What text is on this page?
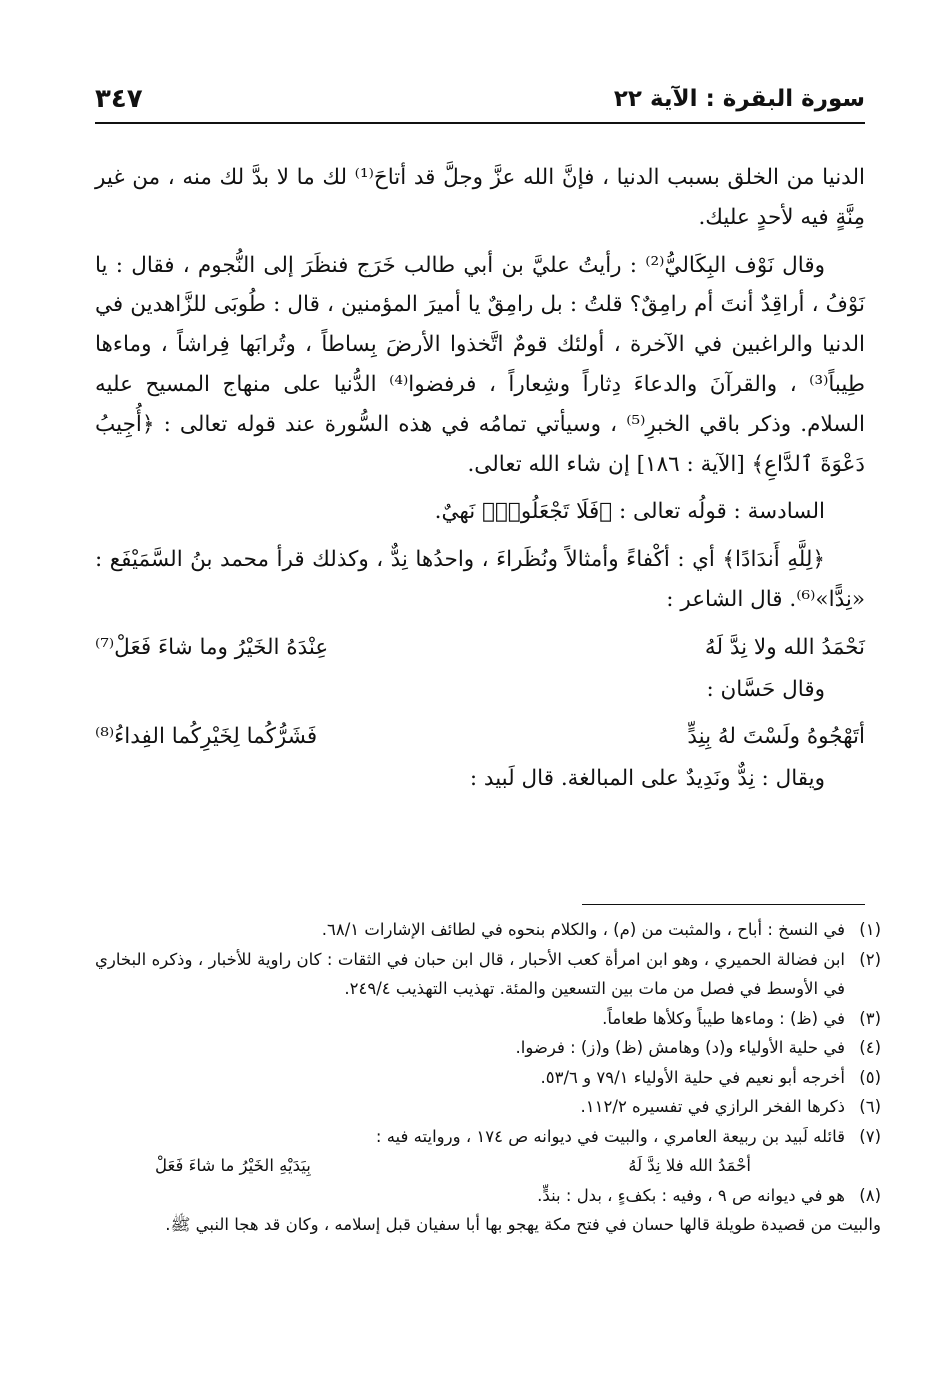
سورة البقرة : الآية ٢٢
٣٤٧

الدنيا من الخلق بسبب الدنيا ، فإنَّ الله عزَّ وجلَّ قد أتاحَ⁽¹⁾ لك ما لا بدَّ لك منه ، من غير مِنَّةٍ فيه لأحدٍ عليك.

وقال نَوْف البِكَاليُّ⁽²⁾ : رأيتُ عليَّ بن أبي طالب خَرَج فنظَرَ إلى النُّجوم ، فقال : يا نَوْفُ ، أراقِدٌ أنتَ أم رامِقٌ؟ قلتُ : بل رامِقٌ يا أميرَ المؤمنين ، قال : طُوبَى للزَّاهدين في الدنيا والراغبين في الآخرة ، أولئك قومٌ اتَّخذوا الأرضَ بِساطاً ، وتُرابَها فِراشاً ، وماءها طِيباً⁽³⁾ ، والقرآنَ والدعاءَ دِثاراً وشِعاراً ، فرفضوا⁽⁴⁾ الدُّنيا على منهاج المسيح عليه السلام. وذكر باقي الخبرِ⁽⁵⁾ ، وسيأتي تمامُه في هذه السُّورة عند قوله تعالى : ﴿أُجِيبُ دَعْوَةَ ٱلدَّاعِ﴾ [الآية : ١٨٦] إن شاء الله تعالى.

السادسة : قولُه تعالى : ﴿فَلَا تَجْعَلُوا۟﴾ نَهيٌ.

﴿لِلَّهِ أَندَادًا﴾ أي : أكْفاءً وأمثالاً ونُظَراءَ ، واحدُها نِدٌّ ، وكذلك قرأ محمد بنُ السَّمَيْفَع : «نِدًّا»⁽⁶⁾. قال الشاعر :

نَحْمَدُ الله ولا نِدَّ لَهُ
عِنْدَهُ الخَيْرُ وما شاءَ فَعَلْ⁽⁷⁾

وقال حَسَّان :

أتَهْجُوهُ ولَسْتَ لهُ بِنِدٍّ
فَشَرُّكُما لِخَيْرِكُما الفِداءُ⁽⁸⁾

ويقال : نِدٌّ ونَدِيدٌ على المبالغة. قال لَبيد :

(١)
في النسخ : أباح ، والمثبت من (م) ، والكلام بنحوه في لطائف الإشارات ٦٨/١.
(٢)
ابن فضالة الحميري ، وهو ابن امرأة كعب الأحبار ، قال ابن حبان في الثقات : كان راوية للأخبار ، وذكره البخاري في الأوسط في فصل من مات بين التسعين والمئة. تهذيب التهذيب ٢٤٩/٤.
(٣)
في (ظ) : وماءها طيباً وكلأها طعاماً.
(٤)
في حلية الأولياء و(د) وهامش (ظ) و(ز) : فرضوا.
(٥)
أخرجه أبو نعيم في حلية الأولياء ٧٩/١ و ٥٣/٦.
(٦)
ذكرها الفخر الرازي في تفسيره ١١٢/٢.
(٧)
قائله لَبيد بن ربيعة العامري ، والبيت في ديوانه ص ١٧٤ ، وروايته فيه :
أحْمَدُ الله فلا نِدَّ لَهُ
بِيَدَيْهِ الخَيْرُ ما شاءَ فَعَلْ
(٨)
هو في ديوانه ص ٩ ، وفيه : بكفءٍ ، بدل : بندٍّ.
والبيت من قصيدة طويلة قالها حسان في فتح مكة يهجو بها أبا سفيان قبل إسلامه ، وكان قد هجا النبي ﷺ.
